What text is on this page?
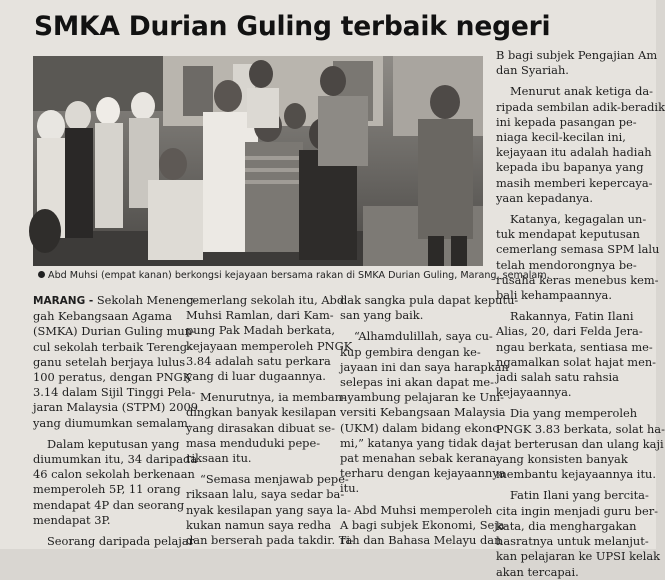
SMKA Durian Guling terbaik negeri
Abd Muhsi (empat kanan) berkongsi kejayaan bersama rakan di SMKA Durian Guling, Marang, semalam.

MARANG - Sekolah Meneng-
gah Kebangsaan Agama
(SMKA) Durian Guling mun-
cul sekolah terbaik Tereng-
ganu setelah berjaya lulus
100 peratus, dengan PNGK
3.14 dalam Sijil Tinggi Pela-
jaran Malaysia (STPM) 2009
yang diumumkan semalam.

Dalam keputusan yang
diumumkan itu, 34 daripada
46 calon sekolah berkenaan
memperoleh 5P, 11 orang
mendapat 4P dan seorang
mendapat 3P.

Seorang daripada pelajar

cemerlang sekolah itu, Abd
Muhsi Ramlan, dari Kam-
pung Pak Madah berkata,
kejayaan memperoleh PNGK
3.84 adalah satu perkara
yang di luar dugaannya.

Menurutnya, ia memban-
dingkan banyak kesilapan
yang dirasakan dibuat se-
masa menduduki pepe-
riksaan itu.

“Semasa menjawab pepe-
riksaan lalu, saya sedar ba-
nyak kesilapan yang saya la-
kukan namun saya redha
dan berserah pada takdir. Ti-

dak sangka pula dapat keputu-
san yang baik.

“Alhamdulillah, saya cu-
kup gembira dengan ke-
jayaan ini dan saya harapkan
selepas ini akan dapat me-
nyambung pelajaran ke Uni-
versiti Kebangsaan Malaysia
(UKM) dalam bidang ekono-
mi,” katanya yang tidak da-
pat menahan sebak kerana
terharu dengan kejayaannya
itu.

Abd Muhsi memperoleh
A bagi subjek Ekonomi, Seja-
rah dan Bahasa Melayu dan

B bagi subjek Pengajian Am
dan Syariah.

Menurut anak ketiga da-
ripada sembilan adik-beradik
ini kepada pasangan pe-
niaga kecil-kecilan ini,
kejayaan itu adalah hadiah
kepada ibu bapanya yang
masih memberi kepercaya-
yaan kepadanya.

Katanya, kegagalan un-
tuk mendapat keputusan
cemerlang semasa SPM lalu
telah mendorongnya be-
rusaha keras menebus kem-
bali kehampaannya.

Rakannya, Fatin Ilani
Alias, 20, dari Felda Jera-
ngau berkata, sentiasa me-
ngamalkan solat hajat men-
jadi salah satu rahsia
kejayaannya.

Dia yang memperoleh
PNGK 3.83 berkata, solat ha-
jat berterusan dan ulang kaji
yang konsisten banyak
membantu kejayaannya itu.

Fatin Ilani yang bercita-
cita ingin menjadi guru ber-
kata, dia menghargakan
hasratnya untuk melanjut-
kan pelajaran ke UPSI kelak
akan tercapai.
